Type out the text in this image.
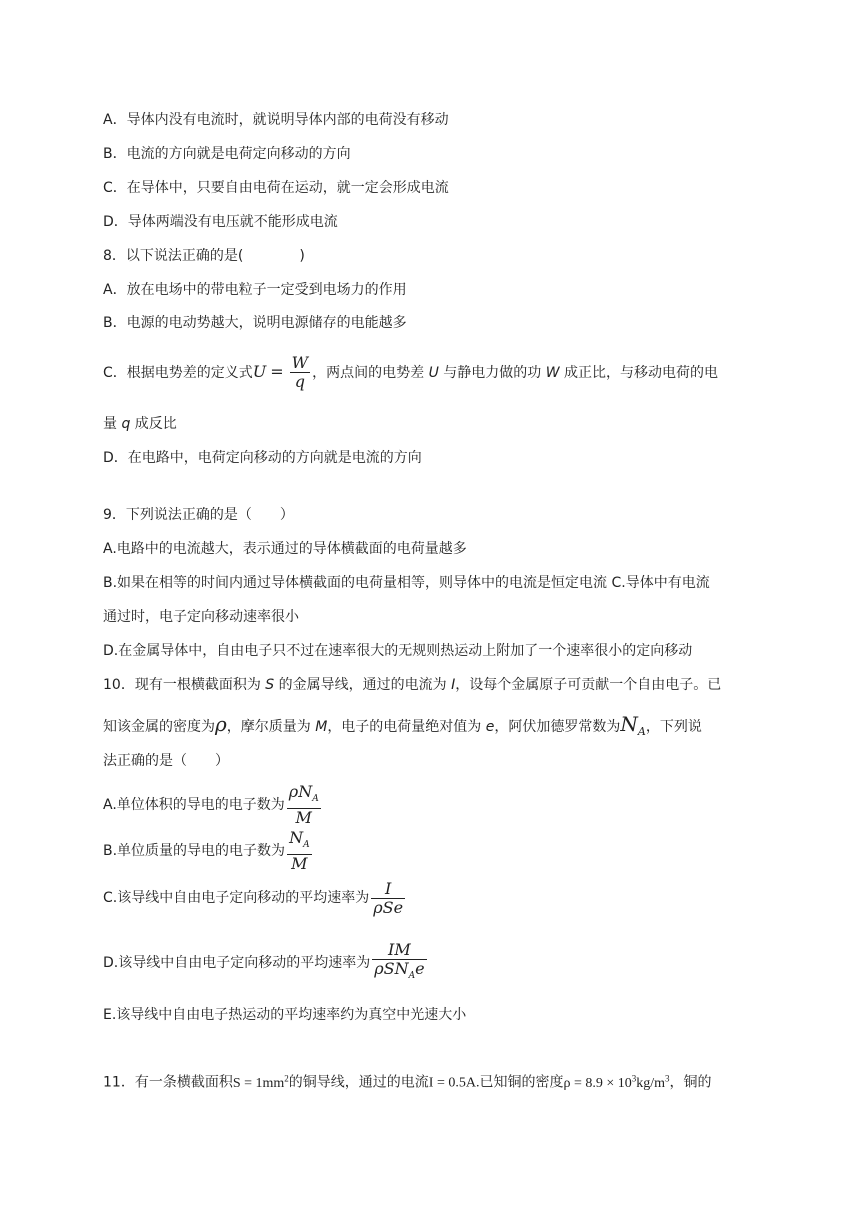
A．导体内没有电流时，就说明导体内部的电荷没有移动
B．电流的方向就是电荷定向移动的方向
C．在导体中，只要自由电荷在运动，就一定会形成电流
D．导体两端没有电压就不能形成电流
8．以下说法正确的是(　　　　)
A．放在电场中的带电粒子一定受到电场力的作用
B．电源的电动势越大，说明电源储存的电能越多
C．根据电势差的定义式 $U = \frac{W}{q}$ ，两点间的电势差 U 与静电力做的功 W 成正比，与移动电荷的电
量 q 成反比
D．在电路中，电荷定向移动的方向就是电流的方向
9．下列说法正确的是（　　）
A.电路中的电流越大，表示通过的导体横截面的电荷量越多
B.如果在相等的时间内通过导体横截面的电荷量相等，则导体中的电流是恒定电流 C.导体中有电流
通过时，电子定向移动速率很小
D.在金属导体中，自由电子只不过在速率很大的无规则热运动上附加了一个速率很小的定向移动
10．现有一根横截面积为 S 的金属导线，通过的电流为 I，设每个金属原子可贡献一个自由电子。已
知该金属的密度为ρ，摩尔质量为 M，电子的电荷量绝对值为 e，阿伏加德罗常数为$N_A$，下列说
法正确的是（　　）
A.单位体积的导电的电子数为 $\frac{\rho N_A}{M}$
B.单位质量的导电的电子数为 $\frac{N_A}{M}$
C.该导线中自由电子定向移动的平均速率为 $\frac{I}{\text{ρSe}}$
D.该导线中自由电子定向移动的平均速率为 $\frac{IM}{\rho SN_Ae}$
E.该导线中自由电子热运动的平均速率约为真空中光速大小
11．有一条横截面积$S = 1mm^2$的铜导线，通过的电流I = 0.5A.已知铜的密度$\rho = 8.9 \times 10^3kg/m^3$，铜的
